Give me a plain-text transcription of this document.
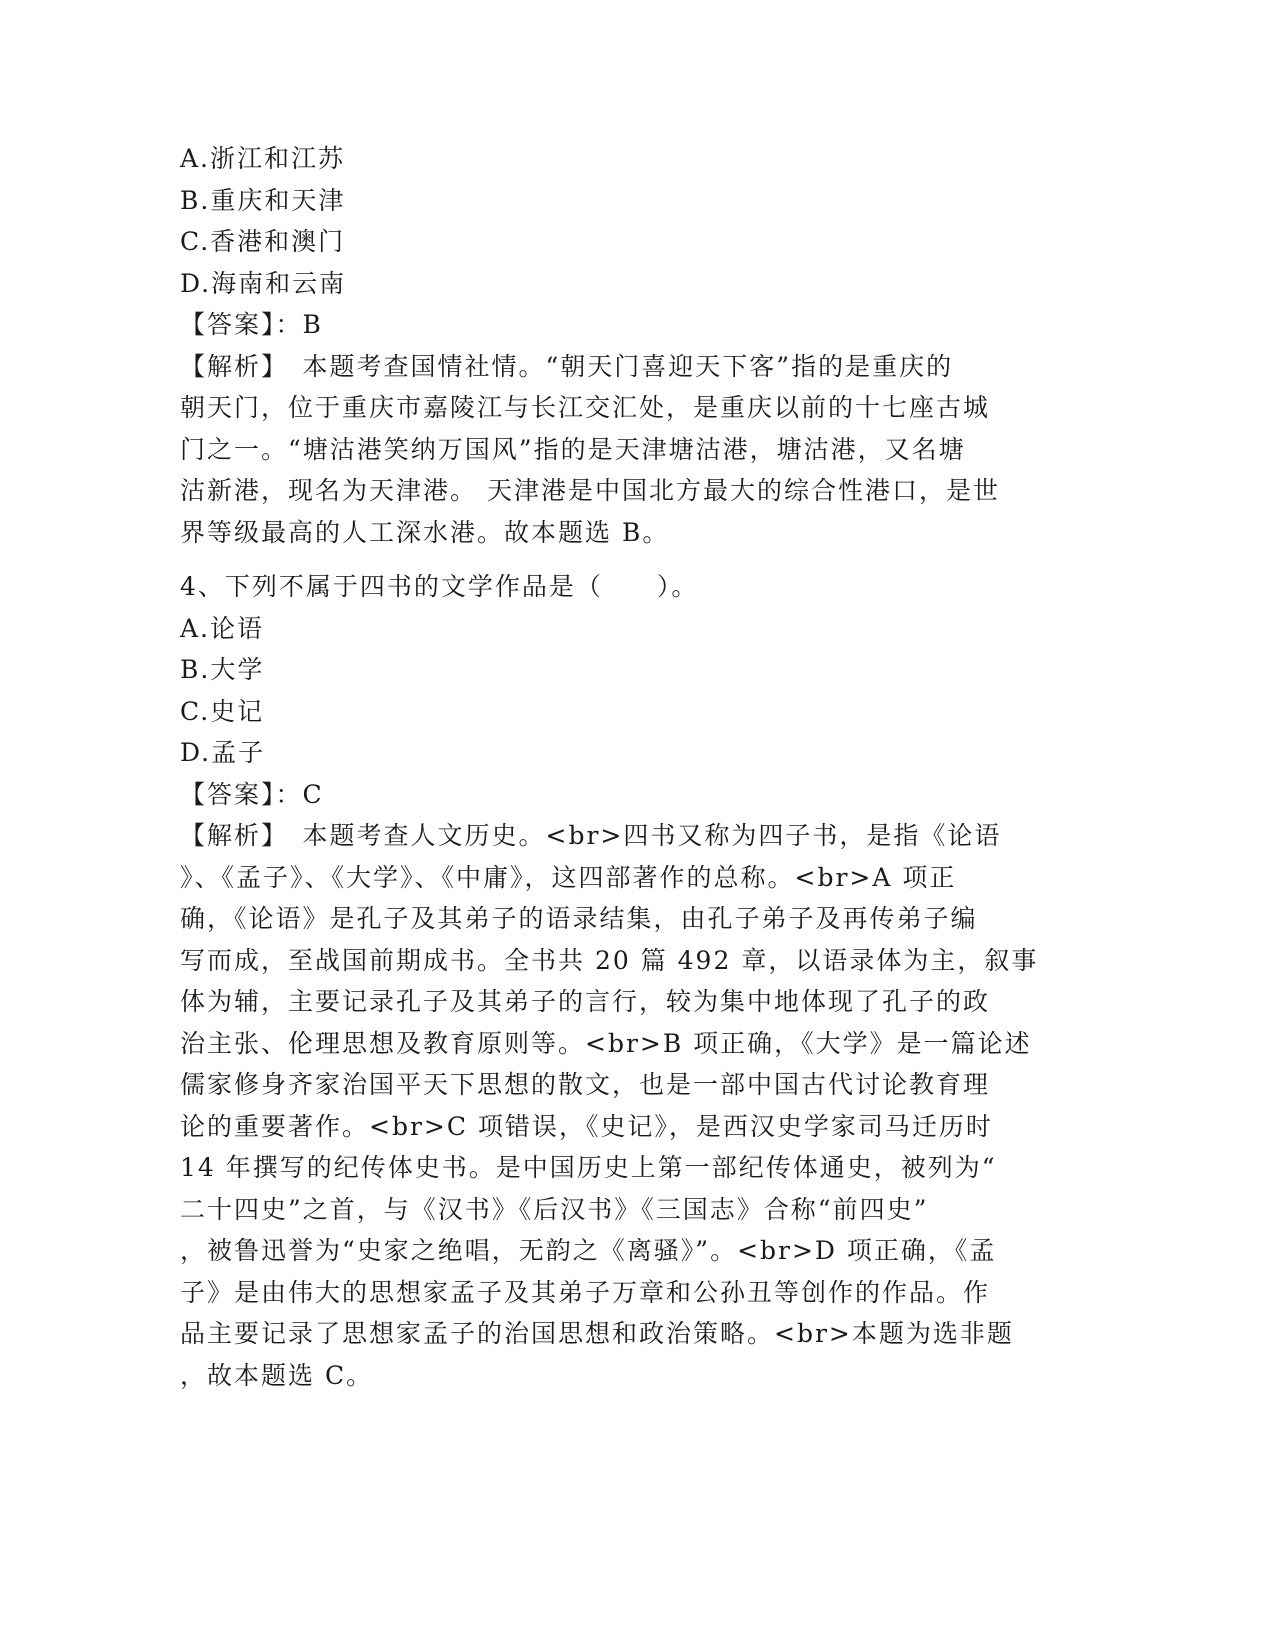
A.浙江和江苏
B.重庆和天津
C.香港和澳门
D.海南和云南
【答案】：B
【解析】　本题考查国情社情。“朝天门喜迎天下客”指的是重庆的
朝天门，位于重庆市嘉陵江与长江交汇处，是重庆以前的十七座古城
门之一。“塘沽港笑纳万国风”指的是天津塘沽港，塘沽港，又名塘
沽新港，现名为天津港。 天津港是中国北方最大的综合性港口，是世
界等级最高的人工深水港。故本题选 B。
4、下列不属于四书的文学作品是（　　）。
A.论语
B.大学
C.史记
D.孟子
【答案】：C
【解析】　本题考查人文历史。<br>四书又称为四子书，是指《论语
》、《孟子》、《大学》、《中庸》，这四部著作的总称。<br>A 项正
确，《论语》是孔子及其弟子的语录结集，由孔子弟子及再传弟子编
写而成，至战国前期成书。全书共 20 篇 492 章，以语录体为主，叙事
体为辅，主要记录孔子及其弟子的言行，较为集中地体现了孔子的政
治主张、伦理思想及教育原则等。<br>B 项正确，《大学》是一篇论述
儒家修身齐家治国平天下思想的散文，也是一部中国古代讨论教育理
论的重要著作。<br>C 项错误，《史记》，是西汉史学家司马迁历时
14 年撰写的纪传体史书。是中国历史上第一部纪传体通史，被列为“
二十四史”之首，与《汉书》《后汉书》《三国志》合称“前四史”
，被鲁迅誉为“史家之绝唱，无韵之《离骚》”。<br>D 项正确，《孟
子》是由伟大的思想家孟子及其弟子万章和公孙丑等创作的作品。作
品主要记录了思想家孟子的治国思想和政治策略。<br>本题为选非题
，故本题选 C。
